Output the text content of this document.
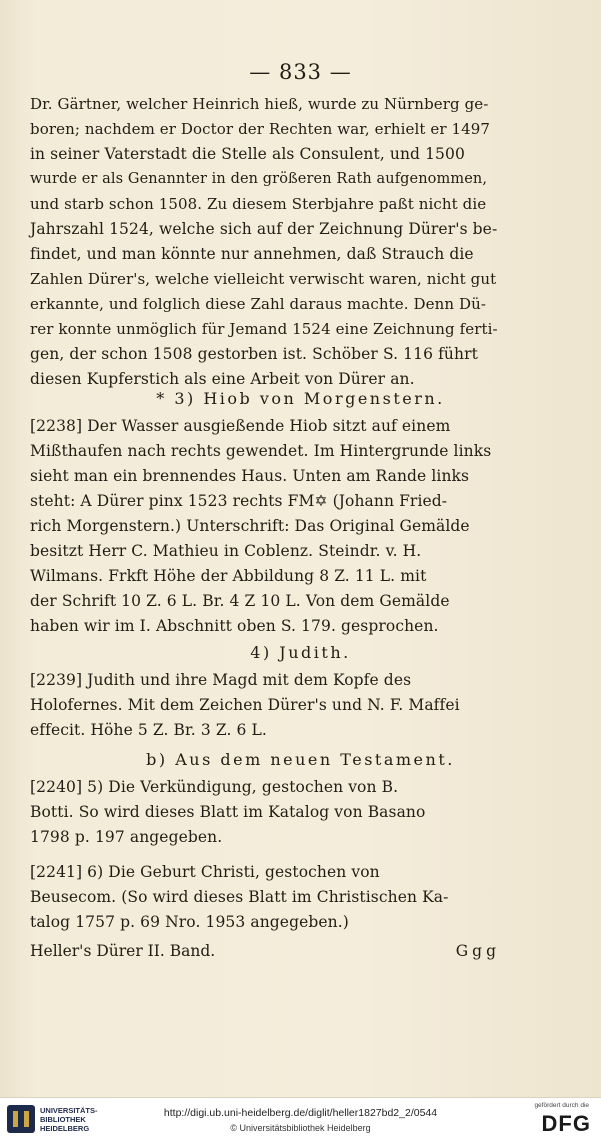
— 833 —
Dr. Gärtner, welcher Heinrich hieß, wurde zu Nürnberg ge-
boren; nachdem er Doctor der Rechten war, erhielt er 1497
in seiner Vaterstadt die Stelle als Consulent, und 1500
wurde er als Genannter in den größeren Rath aufgenommen,
und starb schon 1508. Zu diesem Sterbjahre paßt nicht die
Jahrszahl 1524, welche sich auf der Zeichnung Dürer's be-
findet, und man könnte nur annehmen, daß Strauch die
Zahlen Dürer's, welche vielleicht verwischt waren, nicht gut
erkannte, und folglich diese Zahl daraus machte. Denn Dü-
rer konnte unmöglich für Jemand 1524 eine Zeichnung ferti-
gen, der schon 1508 gestorben ist. Schöber S. 116 führt
diesen Kupferstich als eine Arbeit von Dürer an.
* 3) Hiob von Morgenstern.
[2238] Der Wasser ausgießende Hiob sitzt auf einem
Mißthaufen nach rechts gewendet. Im Hintergrunde links
sieht man ein brennendes Haus. Unten am Rande links
steht: A Dürer pinx 1523 rechts FM✡ (Johann Fried-
rich Morgenstern.) Unterschrift: Das Original Gemälde
besitzt Herr C. Mathieu in Coblenz. Steindr. v. H.
Wilmans. Frkft Höhe der Abbildung 8 Z. 11 L. mit
der Schrift 10 Z. 6 L. Br. 4 Z 10 L. Von dem Gemälde
haben wir im I. Abschnitt oben S. 179. gesprochen.
4) Judith.
[2239] Judith und ihre Magd mit dem Kopfe des
Holofernes. Mit dem Zeichen Dürer's und N. F. Maffei
effecit. Höhe 5 Z. Br. 3 Z. 6 L.
b) Aus dem neuen Testament.
[2240] 5) Die Verkündigung, gestochen von B.
Botti. So wird dieses Blatt im Katalog von Basano
1798 p. 197 angegeben.
[2241] 6) Die Geburt Christi, gestochen von
Beusecom. (So wird dieses Blatt im Christischen Ka-
talog 1757 p. 69 Nro. 1953 angegeben.)
Heller's Dürer II. Band.	Ggg
UNIVERSITÄTS-
BIBLIOTHEK
HEIDELBERG
http://digi.ub.uni-heidelberg.de/diglit/heller1827bd2_2/0544
© Universitätsbibliothek Heidelberg
gefördert durch die
DFG
